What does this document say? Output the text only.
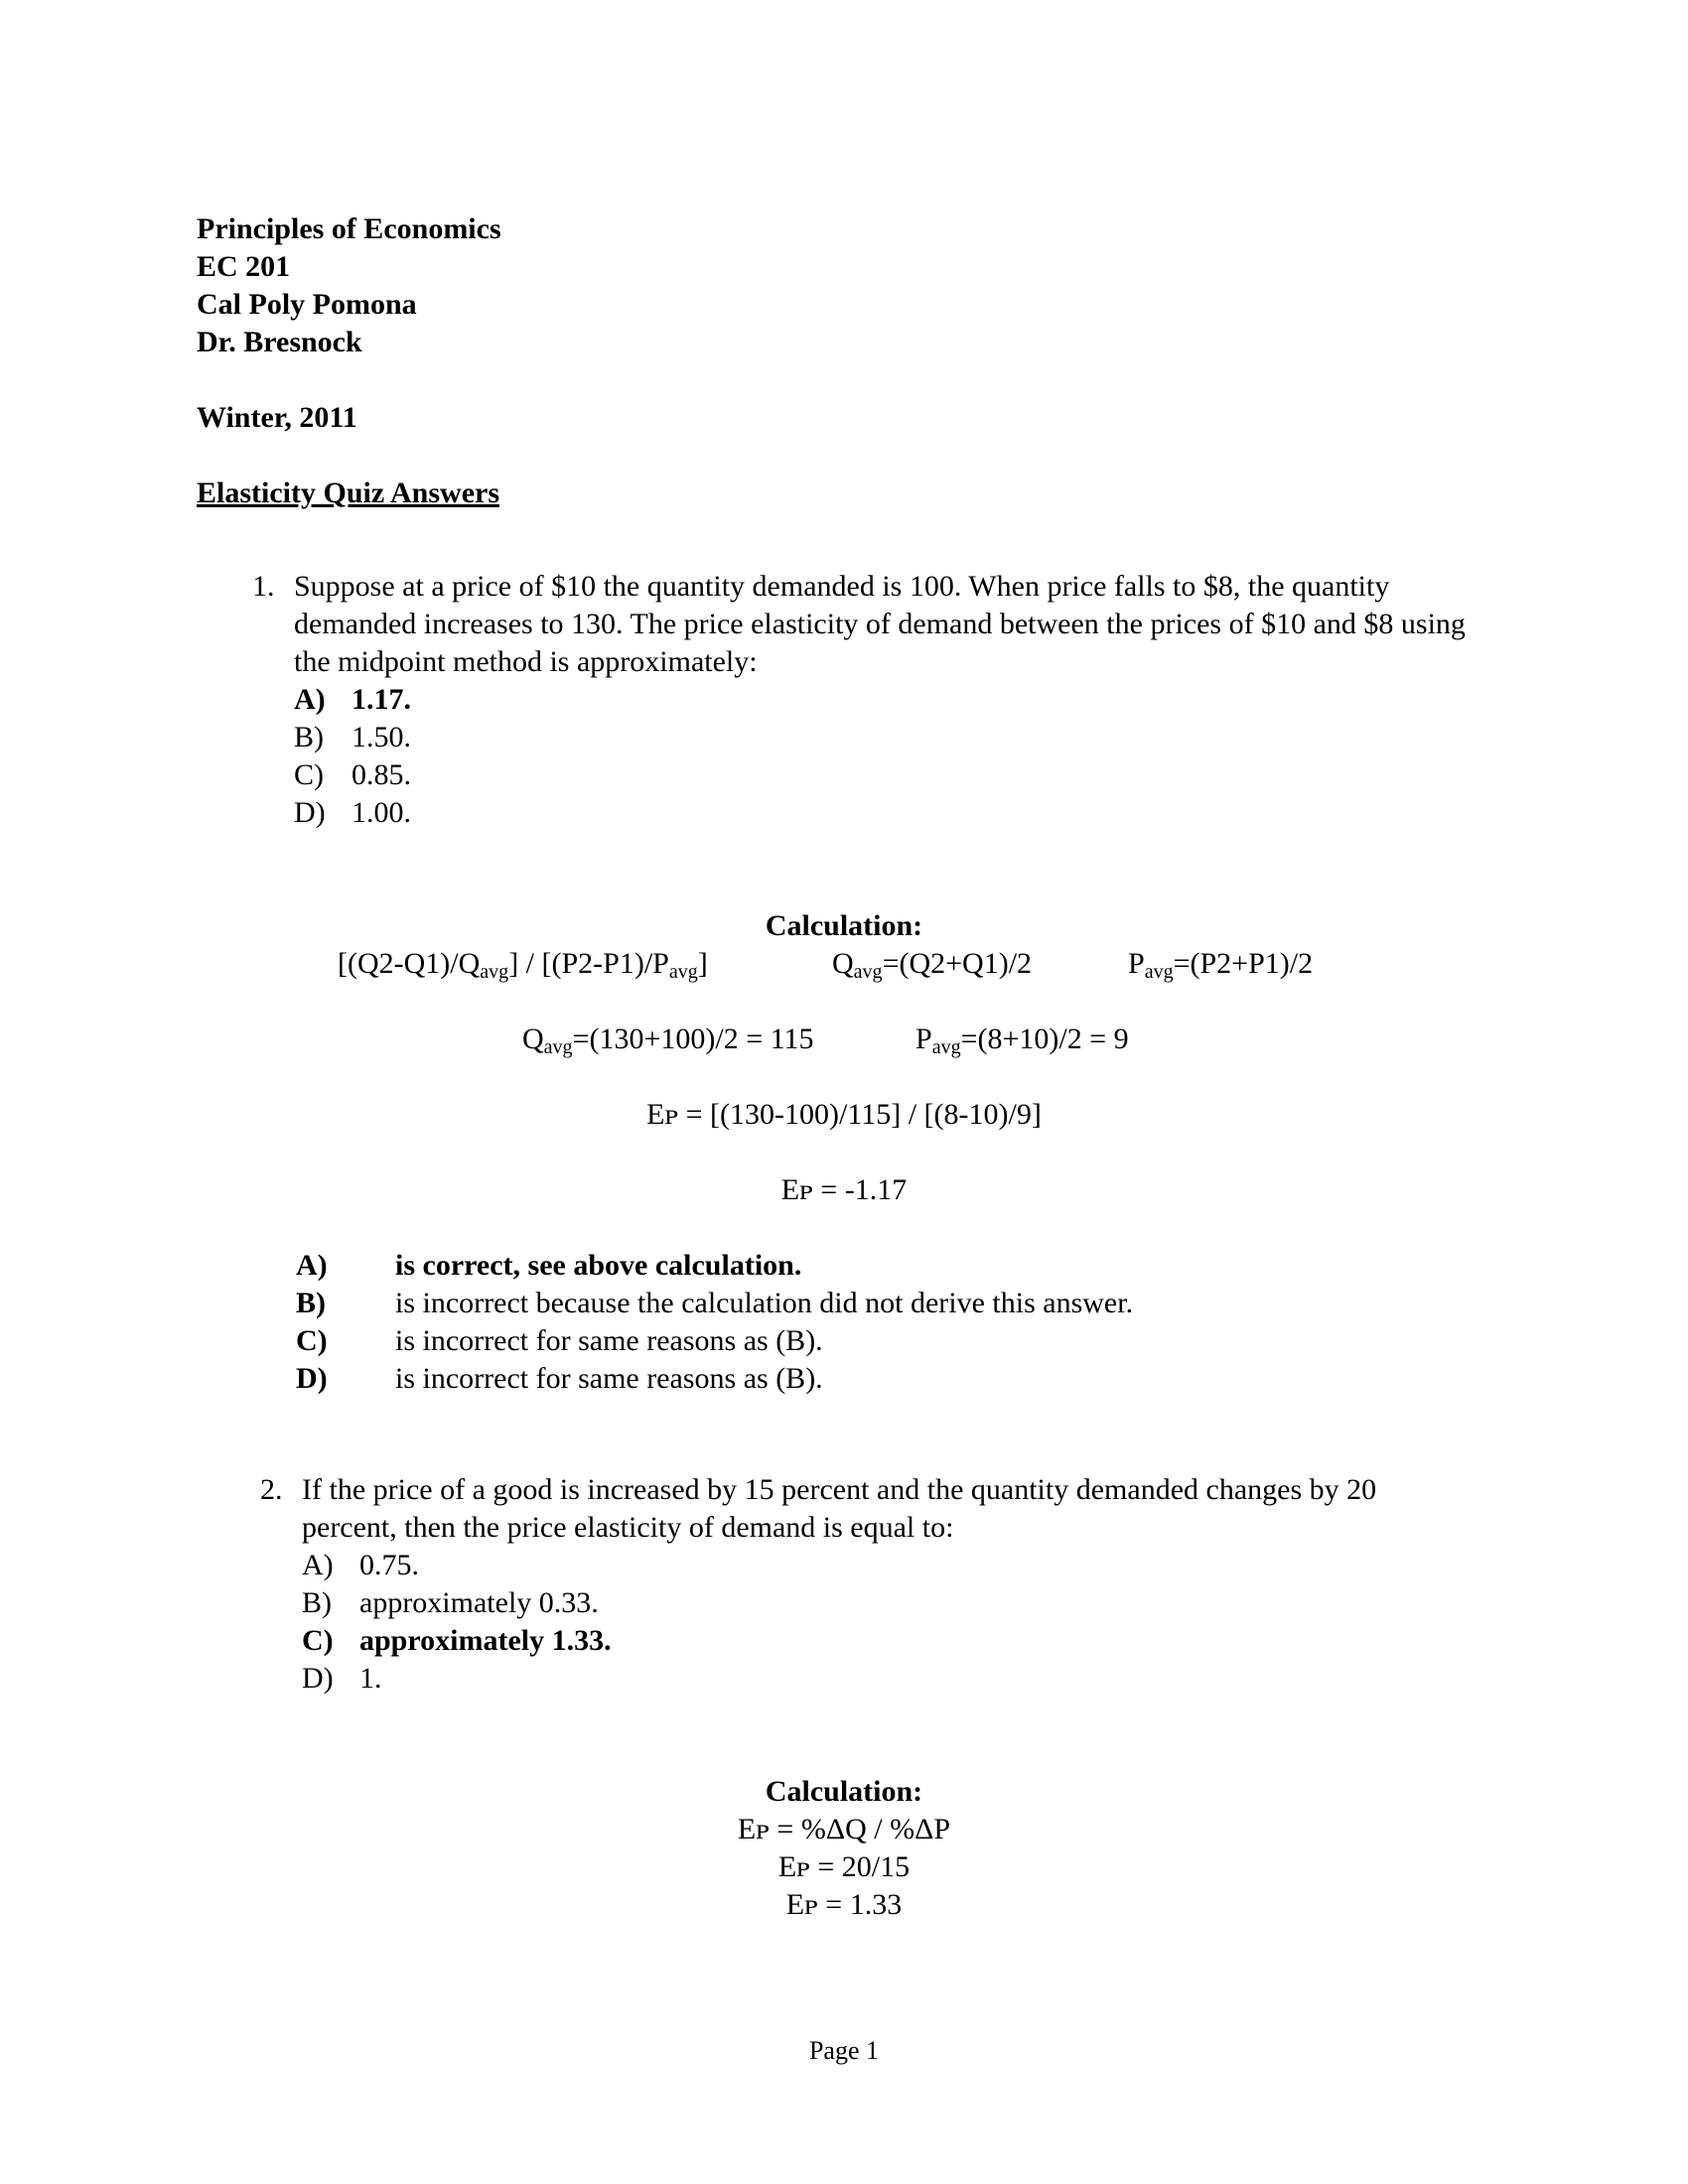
Principles of Economics
EC 201
Cal Poly Pomona
Dr. Bresnock
Winter, 2011
Elasticity Quiz Answers
1. Suppose at a price of $10 the quantity demanded is 100. When price falls to $8, the quantity demanded increases to 130. The price elasticity of demand between the prices of $10 and $8 using the midpoint method is approximately:
A) 1.17.
B) 1.50.
C) 0.85.
D) 1.00.
Calculation:
$[(Q2-Q1)/Q_{avg}] / [(P2-P1)/P_{avg}]$	$Q_{avg}=(Q2+Q1)/2$	$P_{avg}=(P2+P1)/2$
$Q_{avg}=(130+100)/2 = 115$	$P_{avg}=(8+10)/2 = 9$
Eᴘ = [(130-100)/115] / [(8-10)/9]
Eᴘ = -1.17
A) is correct, see above calculation.
B) is incorrect because the calculation did not derive this answer.
C) is incorrect for same reasons as (B).
D) is incorrect for same reasons as (B).
2. If the price of a good is increased by 15 percent and the quantity demanded changes by 20 percent, then the price elasticity of demand is equal to:
A) 0.75.
B) approximately 0.33.
C) approximately 1.33.
D) 1.
Calculation:
Eᴘ = %ΔQ / %ΔP
Eᴘ = 20/15
Eᴘ = 1.33
Page 1
